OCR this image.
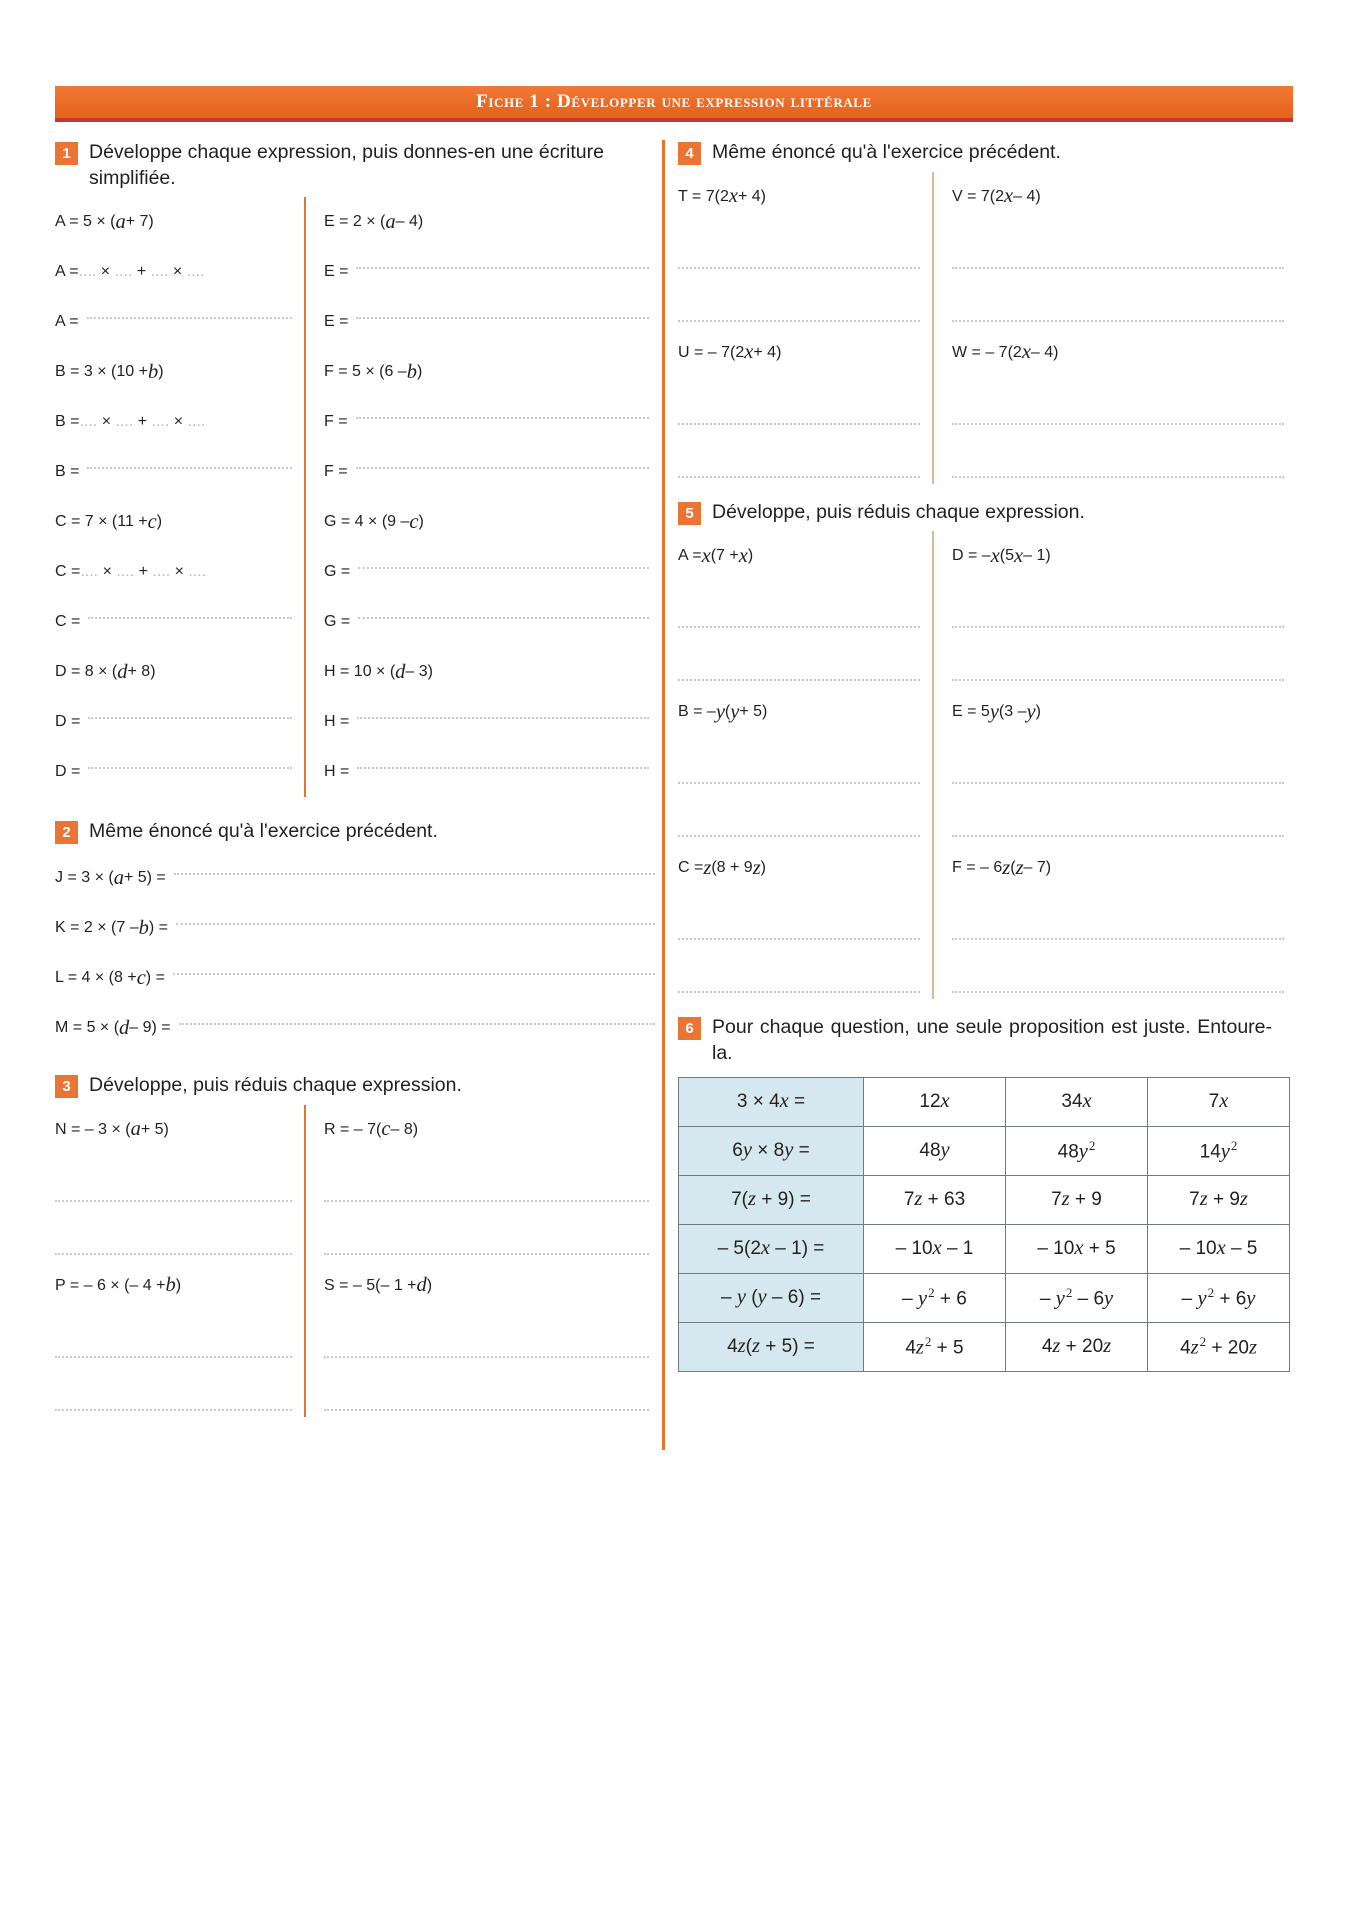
Fiche 1 : Développer une expression littérale
1 Développe chaque expression, puis donnes-en une écriture simplifiée.
A = 5 × ( a + 7)
A = .... × .... + .... × ....
A =
B = 3 × (10 + b )
B = .... × .... + .... × ....
B =
C = 7 × (11 + c )
C = .... × .... + .... × ....
C =
D = 8 × ( d + 8)
D =
D =
E = 2 × ( a – 4)
E =
E =
F = 5 × (6 – b )
F =
F =
G = 4 × (9 – c )
G =
G =
H = 10 × ( d – 3)
H =
H =
2 Même énoncé qu'à l'exercice précédent.
J = 3 × ( a + 5) =
K = 2 × (7 – b ) =
L = 4 × (8 + c ) =
M = 5 × ( d – 9) =
3 Développe, puis réduis chaque expression.
N = – 3 × ( a + 5)
P = – 6 × (– 4 + b )
R = – 7( c – 8)
S = – 5(– 1 + d )
4 Même énoncé qu'à l'exercice précédent.
T = 7(2 x + 4)
U = – 7(2 x + 4)
V = 7(2 x – 4)
W = – 7(2 x – 4)
5 Développe, puis réduis chaque expression.
A = x (7 + x )
B = – y ( y + 5)
C = z (8 + 9 z )
D = – x (5 x – 1)
E = 5 y (3 – y )
F = – 6 z ( z – 7)
6 Pour chaque question, une seule proposition est juste. Entoure-la.
3 × 4x =	12x	34x	7x
6y × 8y =	48y	$48y^2$	$14y^2$
7(z + 9) =	7z + 63	7z + 9	7z + 9z
– 5(2x – 1) =	– 10x – 1	– 10x + 5	– 10x – 5
– y (y – 6) =	– $y^2 + 6$	– $y^2 - 6y$	– $y^2 + 6y$
4z(z + 5) =	$4z^2 + 5$	4z + 20z	$4z^2 + 20z$
